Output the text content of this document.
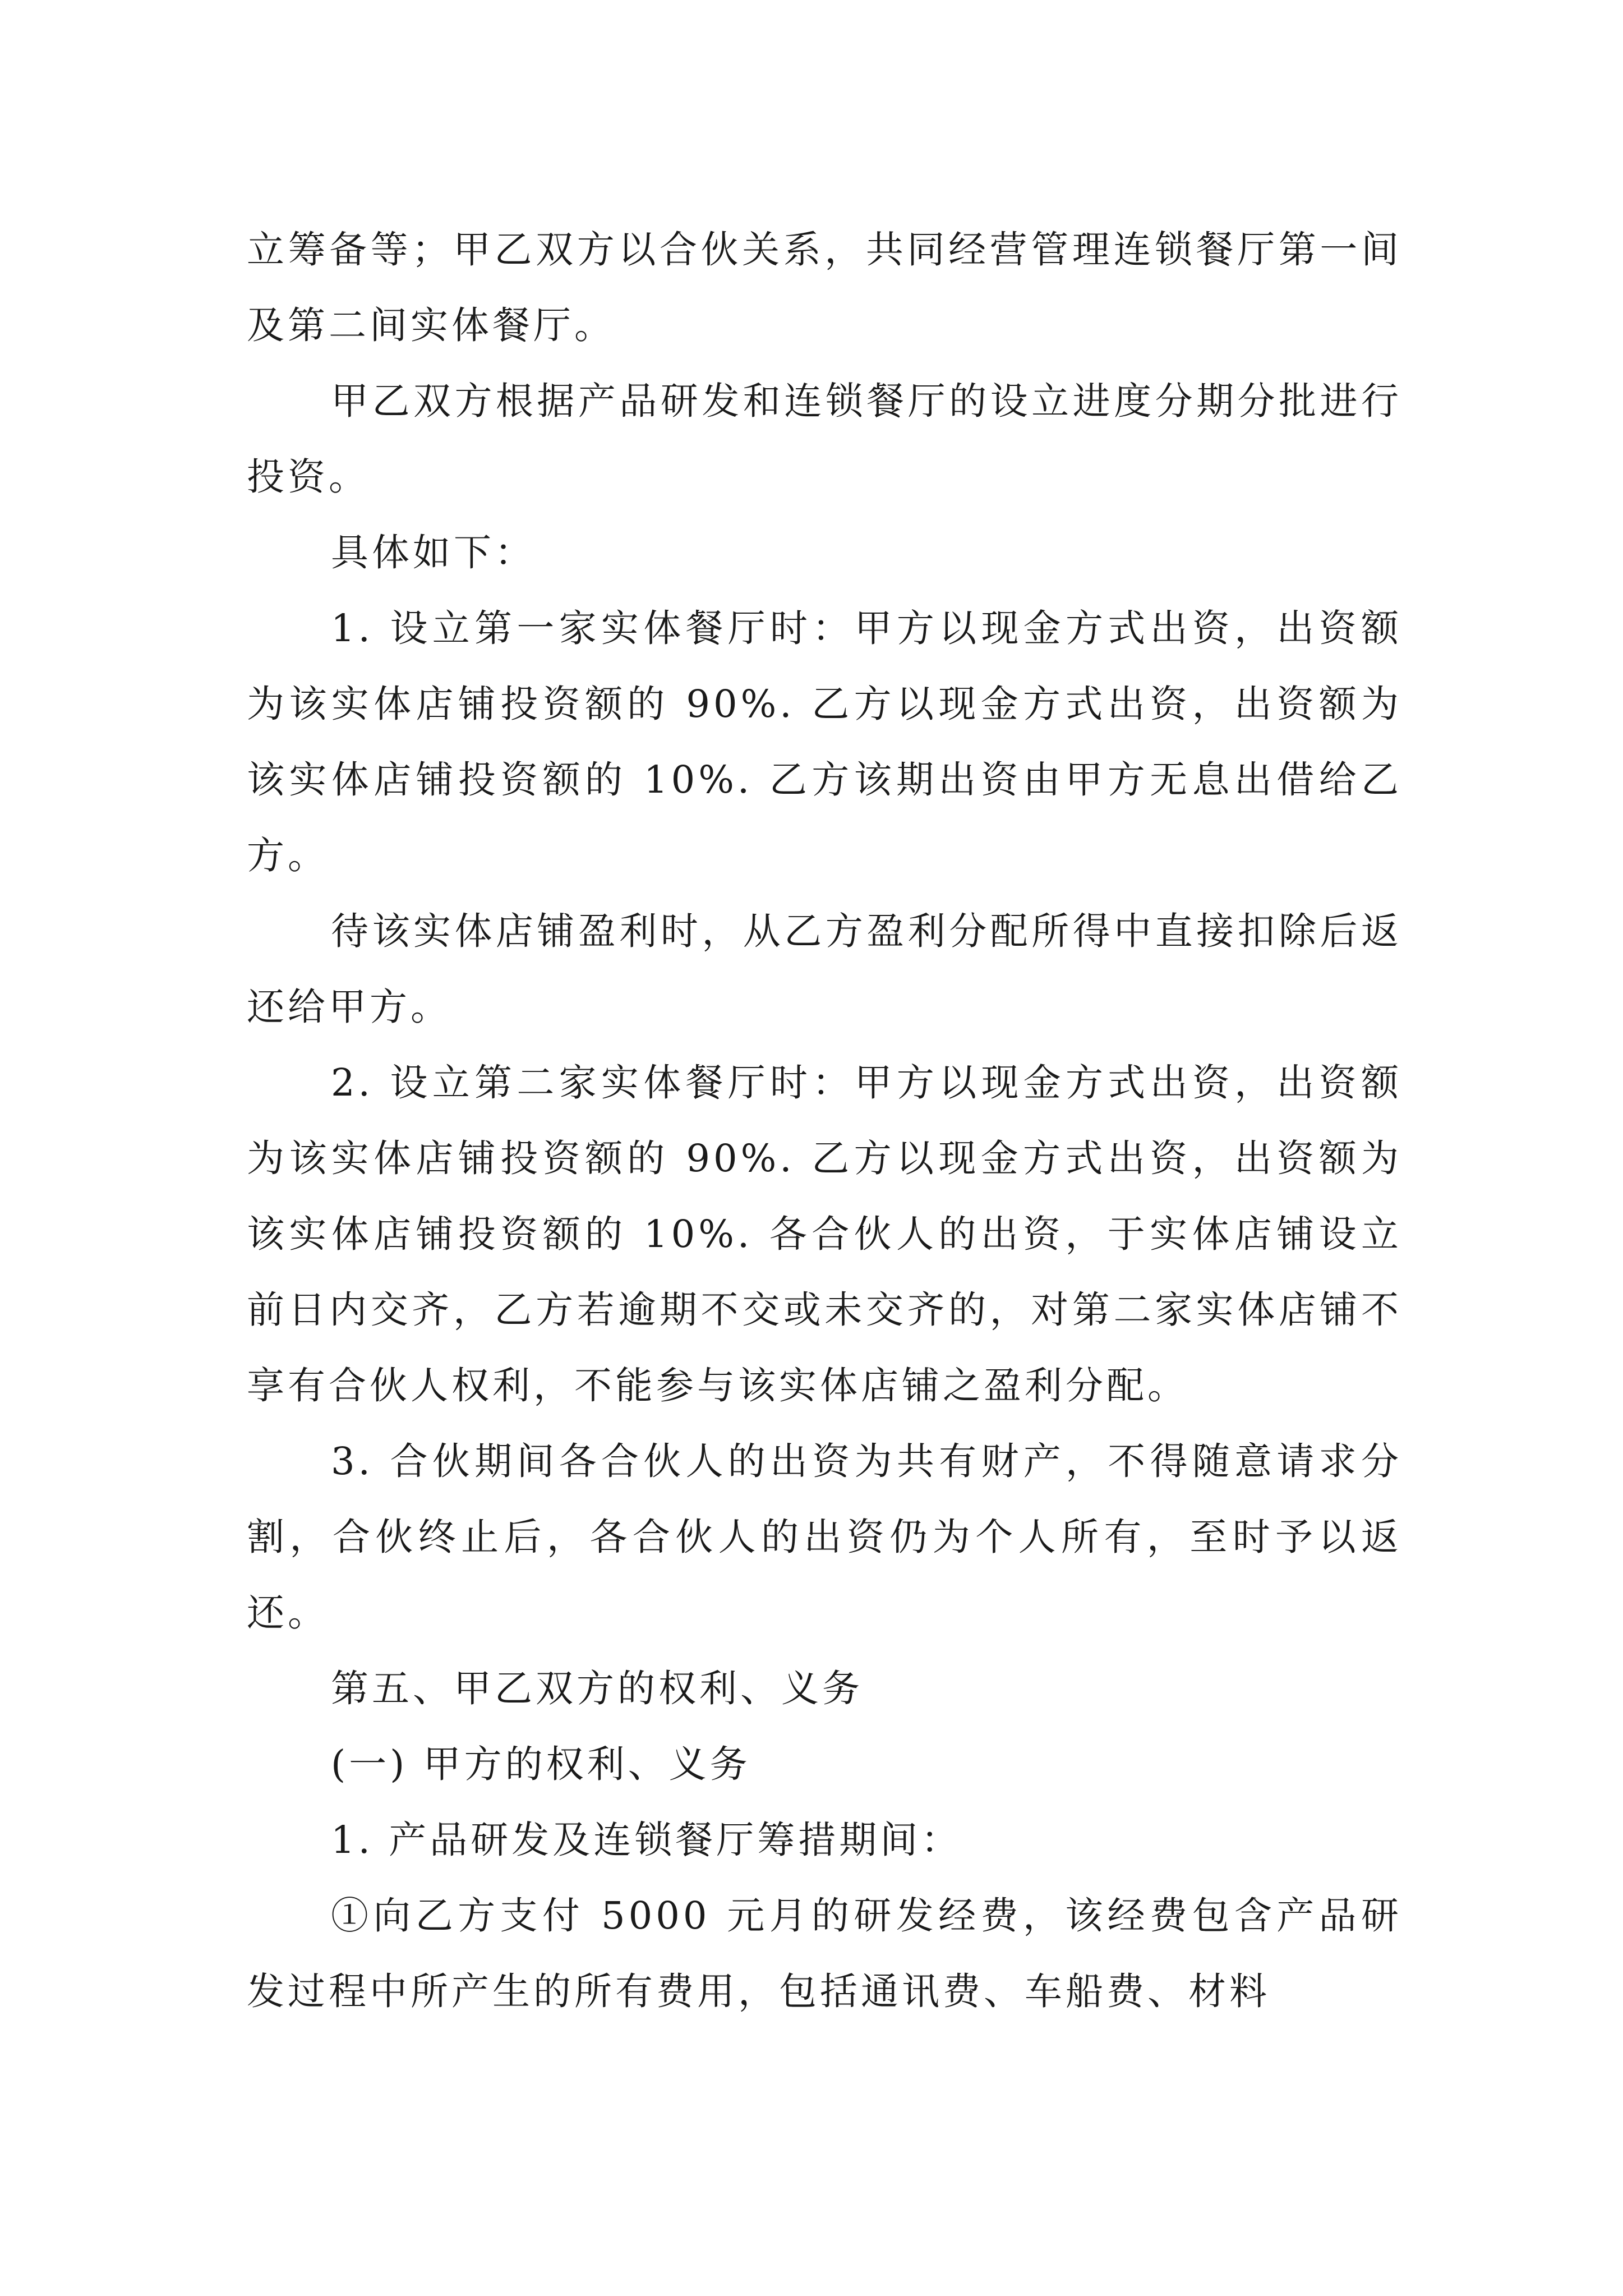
立筹备等；甲乙双方以合伙关系，共同经营管理连锁餐厅第一间及第二间实体餐厅。

甲乙双方根据产品研发和连锁餐厅的设立进度分期分批进行投资。

具体如下：

1. 设立第一家实体餐厅时：甲方以现金方式出资，出资额为该实体店铺投资额的 90%. 乙方以现金方式出资，出资额为该实体店铺投资额的 10%. 乙方该期出资由甲方无息出借给乙方。

待该实体店铺盈利时，从乙方盈利分配所得中直接扣除后返还给甲方。

2. 设立第二家实体餐厅时：甲方以现金方式出资，出资额为该实体店铺投资额的 90%. 乙方以现金方式出资，出资额为该实体店铺投资额的 10%. 各合伙人的出资，于实体店铺设立前日内交齐，乙方若逾期不交或未交齐的，对第二家实体店铺不享有合伙人权利，不能参与该实体店铺之盈利分配。

3. 合伙期间各合伙人的出资为共有财产，不得随意请求分割，合伙终止后，各合伙人的出资仍为个人所有，至时予以返还。

第五、甲乙双方的权利、义务

(一) 甲方的权利、义务

1. 产品研发及连锁餐厅筹措期间：

①向乙方支付 5000 元月的研发经费，该经费包含产品研发过程中所产生的所有费用，包括通讯费、车船费、材料
